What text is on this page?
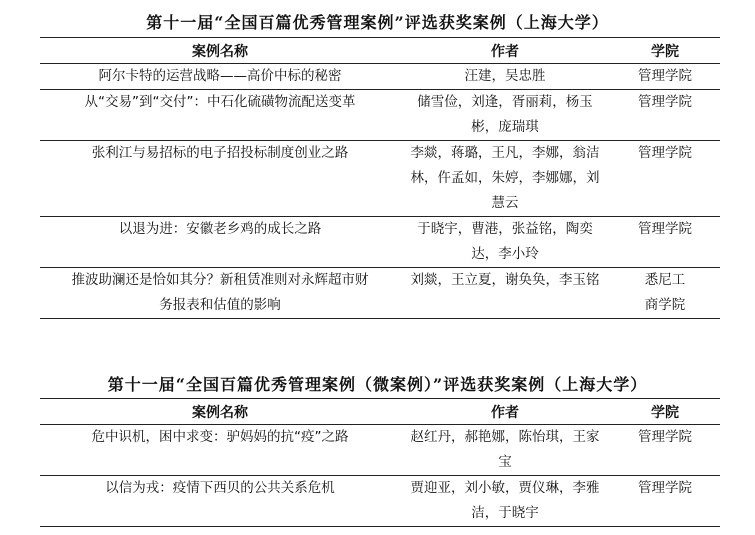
第十一届“全国百篇优秀管理案例”评选获奖案例（上海大学）
案例名称	作者	学院
阿尔卡特的运营战略——高价中标的秘密	汪建，吴忠胜	管理学院
从“交易”到“交付”：中石化硫磺物流配送变革	储雪俭，刘逢，胥丽莉，杨玉彬，庞瑞琪	管理学院
张利江与易招标的电子招投标制度创业之路	李燚，蒋璐，王凡，李娜，翁洁林，仵孟如，朱婷，李娜娜，刘慧云	管理学院
以退为进：安徽老乡鸡的成长之路	于晓宇，曹港，张益铭，陶奕达，李小玲	管理学院
推波助澜还是恰如其分？新租赁准则对永辉超市财务报表和估值的影响	刘燚，王立夏，谢奂奂，李玉铭	悉尼工商学院
第十一届“全国百篇优秀管理案例（微案例）”评选获奖案例（上海大学）
案例名称	作者	学院
危中识机，困中求变：驴妈妈的抗“疫”之路	赵红丹，郝艳娜，陈怡琪，王家宝	管理学院
以信为戎：疫情下西贝的公共关系危机	贾迎亚，刘小敏，贾仪琳，李雅洁，于晓宇	管理学院
